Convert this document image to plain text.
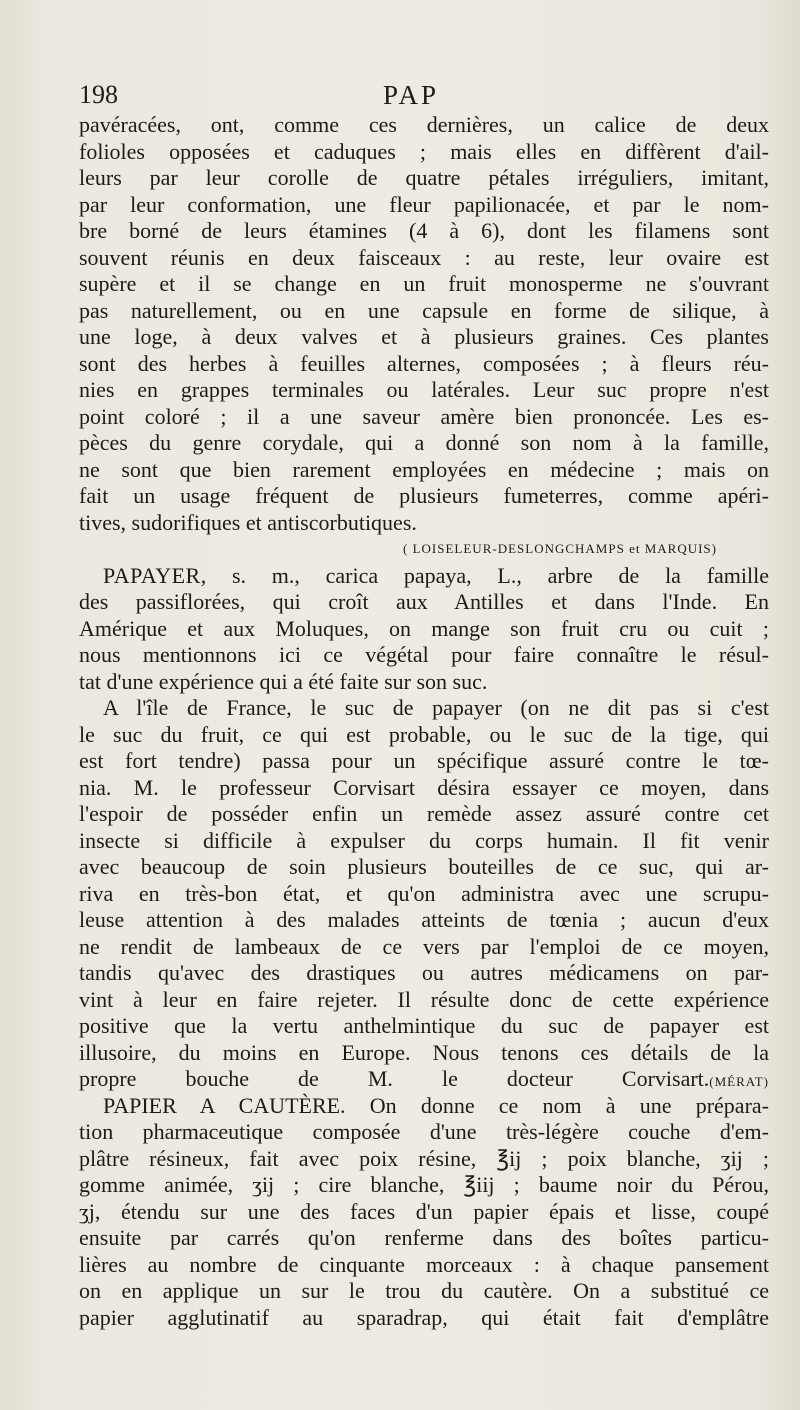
198	PAP
pavéracées, ont, comme ces dernières, un calice de deux
folioles opposées et caduques ; mais elles en diffèrent d'ail-
leurs par leur corolle de quatre pétales irréguliers, imitant,
par leur conformation, une fleur papilionacée, et par le nom-
bre borné de leurs étamines (4 à 6), dont les filamens sont
souvent réunis en deux faisceaux : au reste, leur ovaire est
supère et il se change en un fruit monosperme ne s'ouvrant
pas naturellement, ou en une capsule en forme de silique, à
une loge, à deux valves et à plusieurs graines. Ces plantes
sont des herbes à feuilles alternes, composées ; à fleurs réu-
nies en grappes terminales ou latérales. Leur suc propre n'est
point coloré ; il a une saveur amère bien prononcée. Les es-
pèces du genre corydale, qui a donné son nom à la famille,
ne sont que bien rarement employées en médecine ; mais on
fait un usage fréquent de plusieurs fumeterres, comme apéri-
tives, sudorifiques et antiscorbutiques.
( LOISELEUR-DESLONGCHAMPS et MARQUIS)
PAPAYER, s. m., carica papaya, L., arbre de la famille
des passiflorées, qui croît aux Antilles et dans l'Inde. En
Amérique et aux Moluques, on mange son fruit cru ou cuit ;
nous mentionnons ici ce végétal pour faire connaître le résul-
tat d'une expérience qui a été faite sur son suc.
A l'île de France, le suc de papayer (on ne dit pas si c'est
le suc du fruit, ce qui est probable, ou le suc de la tige, qui
est fort tendre) passa pour un spécifique assuré contre le tœ-
nia. M. le professeur Corvisart désira essayer ce moyen, dans
l'espoir de posséder enfin un remède assez assuré contre cet
insecte si difficile à expulser du corps humain. Il fit venir
avec beaucoup de soin plusieurs bouteilles de ce suc, qui ar-
riva en très-bon état, et qu'on administra avec une scrupu-
leuse attention à des malades atteints de tœnia ; aucun d'eux
ne rendit de lambeaux de ce vers par l'emploi de ce moyen,
tandis qu'avec des drastiques ou autres médicamens on par-
vint à leur en faire rejeter. Il résulte donc de cette expérience
positive que la vertu anthelmintique du suc de papayer est
illusoire, du moins en Europe. Nous tenons ces détails de la
propre bouche de M. le docteur Corvisart.(MÉRAT)
PAPIER A CAUTÈRE. On donne ce nom à une prépara-
tion pharmaceutique composée d'une très-légère couche d'em-
plâtre résineux, fait avec poix résine, ℥ij ; poix blanche, ʒij ;
gomme animée, ʒij ; cire blanche, ℥iij ; baume noir du Pérou,
ʒj, étendu sur une des faces d'un papier épais et lisse, coupé
ensuite par carrés qu'on renferme dans des boîtes particu-
lières au nombre de cinquante morceaux : à chaque pansement
on en applique un sur le trou du cautère. On a substitué ce
papier agglutinatif au sparadrap, qui était fait d'emplâtre
